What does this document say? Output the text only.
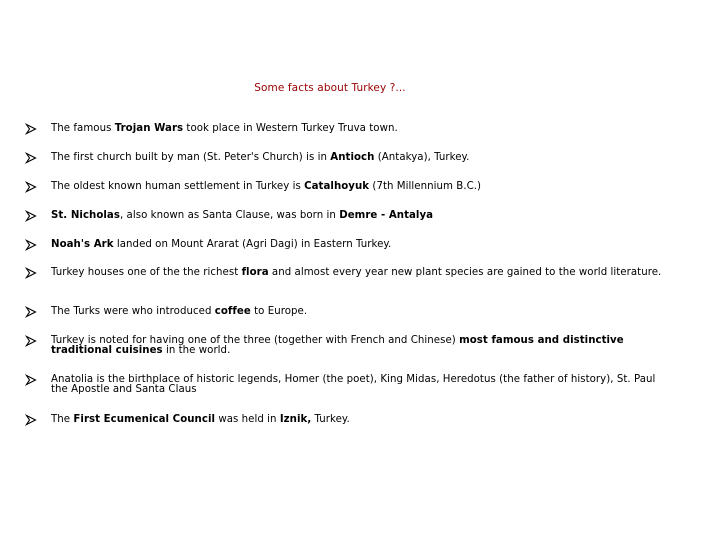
Some facts about Turkey ?...
The famous Trojan Wars took place in Western Turkey Truva town.
The first church built by man (St. Peter's Church) is in Antioch (Antakya), Turkey.
The oldest known human settlement in Turkey is Catalhoyuk (7th Millennium B.C.)
St. Nicholas, also known as Santa Clause, was born in Demre - Antalya
Noah's Ark landed on Mount Ararat (Agri Dagi) in Eastern Turkey.
Turkey houses one of the the richest flora and almost every year new plant species are gained to the world literature.
The Turks were who introduced coffee to Europe.
Turkey is noted for having one of the three (together with French and Chinese) most famous and distinctive traditional cuisines in the world.
Anatolia is the birthplace of historic legends, Homer (the poet), King Midas, Heredotus (the father of history), St. Paul the Apostle and Santa Claus
The First Ecumenical Council was held in Iznik, Turkey.
